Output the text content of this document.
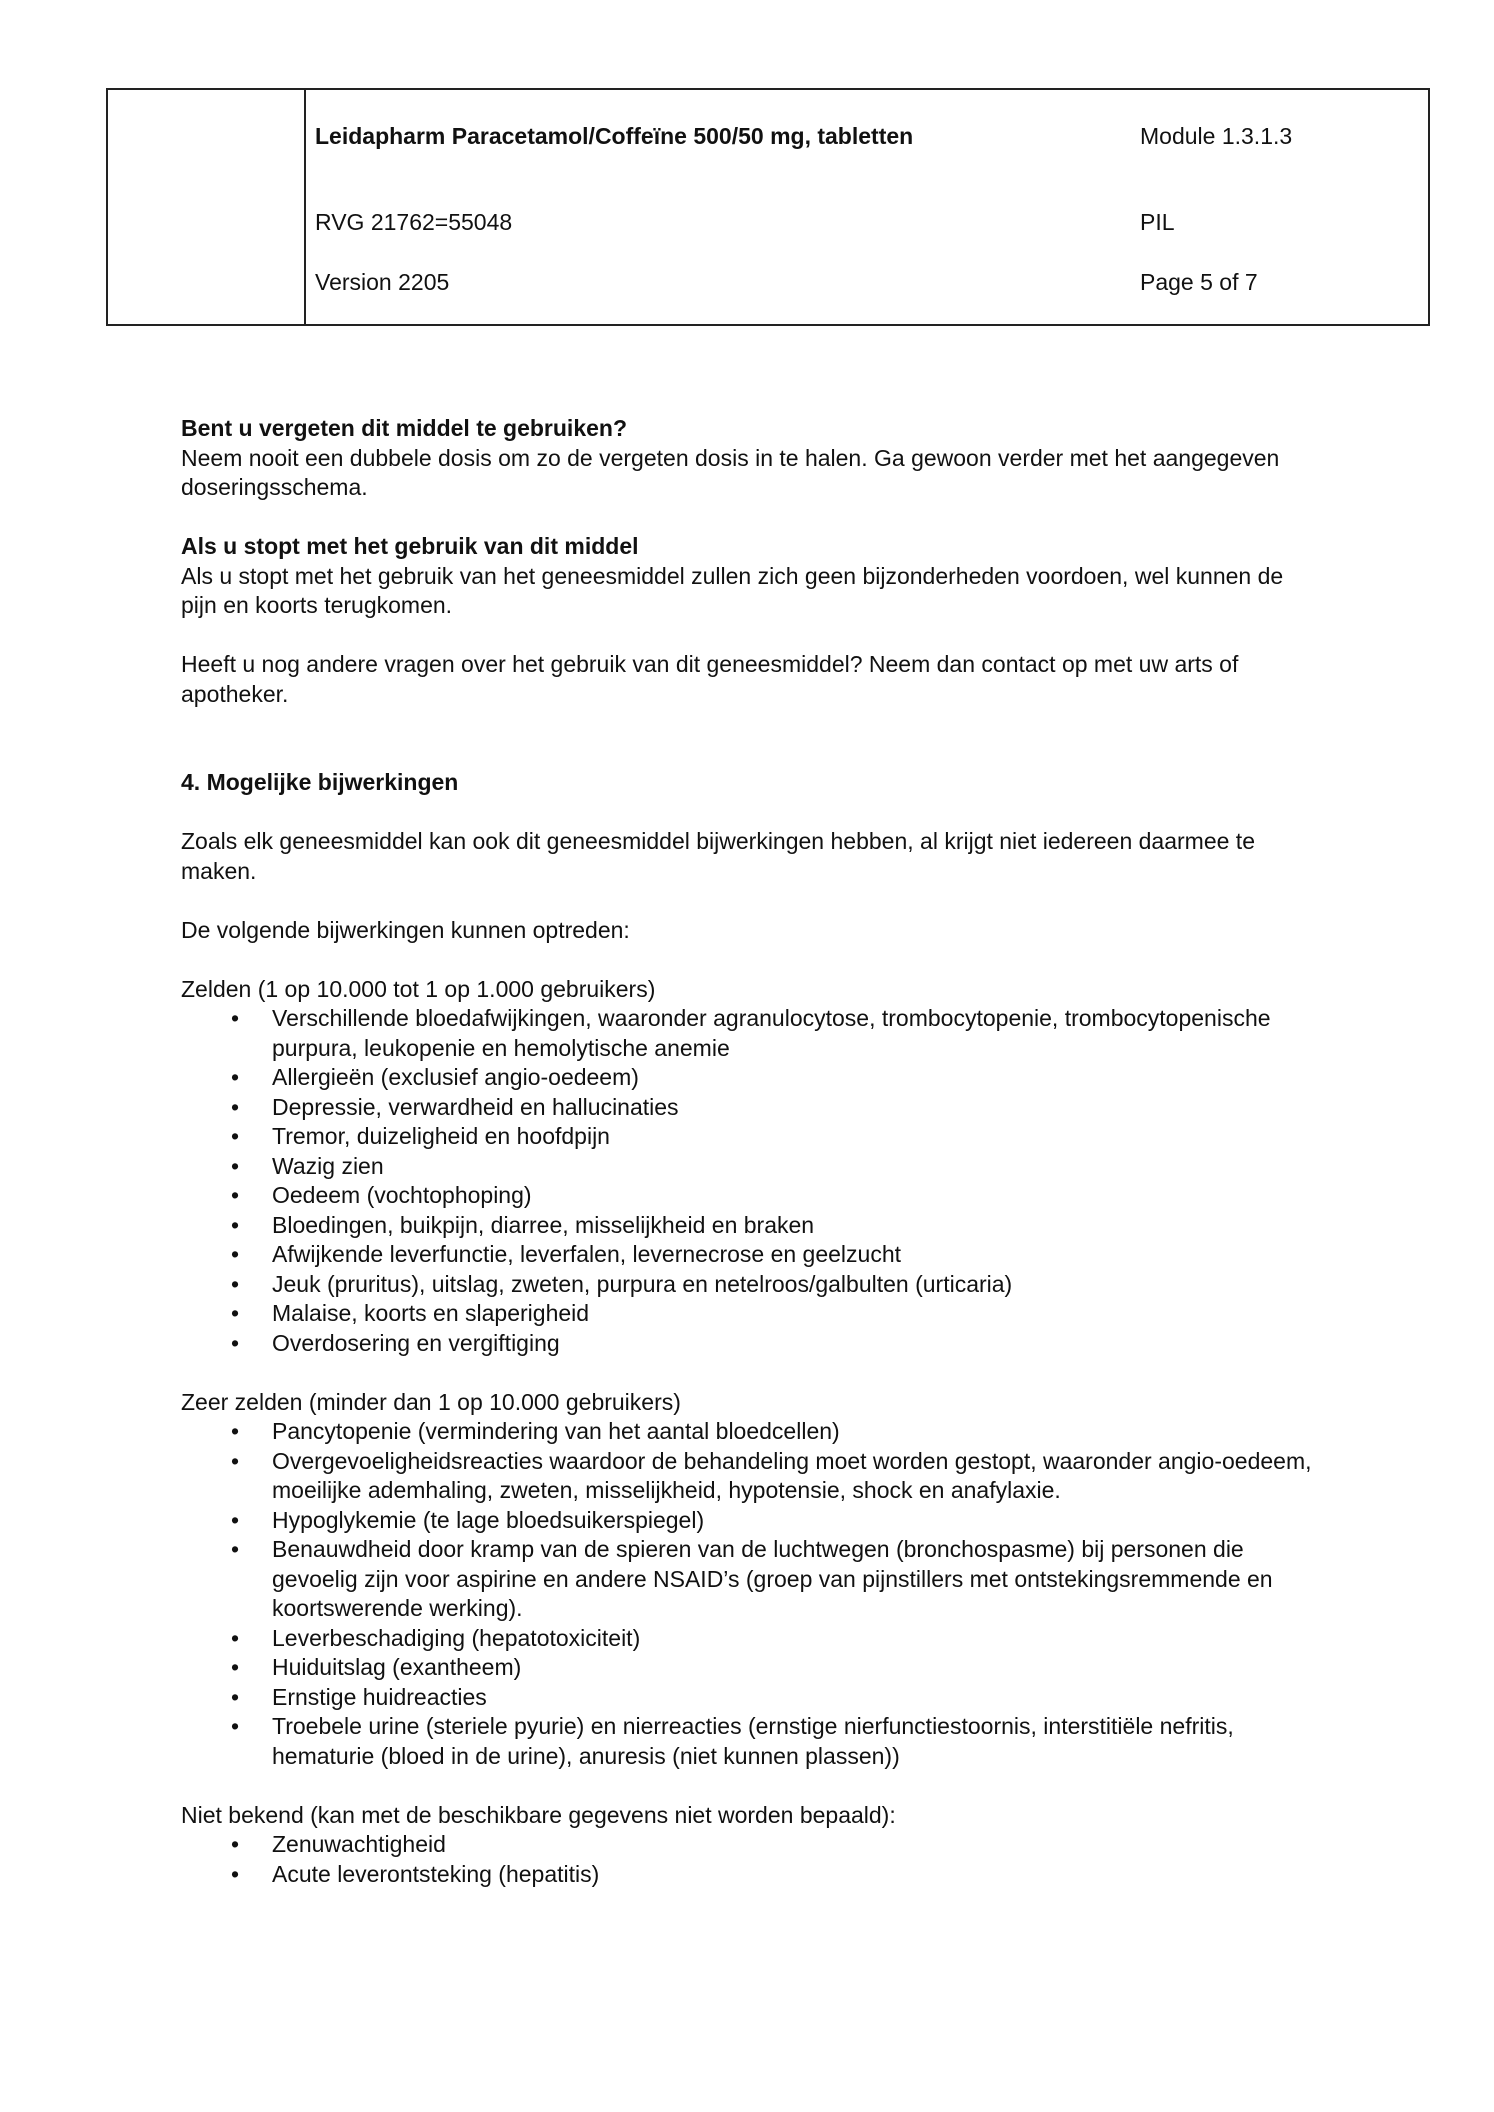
Leidapharm Paracetamol/Coffeïne 500/50 mg, tabletten	Module 1.3.1.3
RVG 21762=55048	PIL
Version 2205	Page 5 of 7
Bent u vergeten dit middel te gebruiken?

Neem nooit een dubbele dosis om zo de vergeten dosis in te halen. Ga gewoon verder met het aangegeven doseringsschema.

Als u stopt met het gebruik van dit middel

Als u stopt met het gebruik van het geneesmiddel zullen zich geen bijzonderheden voordoen, wel kunnen de pijn en koorts terugkomen.

Heeft u nog andere vragen over het gebruik van dit geneesmiddel? Neem dan contact op met uw arts of apotheker.

4. Mogelijke bijwerkingen

Zoals elk geneesmiddel kan ook dit geneesmiddel bijwerkingen hebben, al krijgt niet iedereen daarmee te maken.

De volgende bijwerkingen kunnen optreden:

Zelden (1 op 10.000 tot 1 op 1.000 gebruikers)

• Verschillende bloedafwijkingen, waaronder agranulocytose, trombocytopenie, trombocytopenische purpura, leukopenie en hemolytische anemie
• Allergieën (exclusief angio-oedeem)
• Depressie, verwardheid en hallucinaties
• Tremor, duizeligheid en hoofdpijn
• Wazig zien
• Oedeem (vochtophoping)
• Bloedingen, buikpijn, diarree, misselijkheid en braken
• Afwijkende leverfunctie, leverfalen, levernecrose en geelzucht
• Jeuk (pruritus), uitslag, zweten, purpura en netelroos/galbulten (urticaria)
• Malaise, koorts en slaperigheid
• Overdosering en vergiftiging

Zeer zelden (minder dan 1 op 10.000 gebruikers)

• Pancytopenie (vermindering van het aantal bloedcellen)
• Overgevoeligheidsreacties waardoor de behandeling moet worden gestopt, waaronder angio-oedeem, moeilijke ademhaling, zweten, misselijkheid, hypotensie, shock en anafylaxie.
• Hypoglykemie (te lage bloedsuikerspiegel)
• Benauwdheid door kramp van de spieren van de luchtwegen (bronchospasme) bij personen die gevoelig zijn voor aspirine en andere NSAID’s (groep van pijnstillers met ontstekingsremmende en koortswerende werking).
• Leverbeschadiging (hepatotoxiciteit)
• Huiduitslag (exantheem)
• Ernstige huidreacties
• Troebele urine (steriele pyurie) en nierreacties (ernstige nierfunctiestoornis, interstitiële nefritis, hematurie (bloed in de urine), anuresis (niet kunnen plassen))

Niet bekend (kan met de beschikbare gegevens niet worden bepaald):

• Zenuwachtigheid
• Acute leverontsteking (hepatitis)
